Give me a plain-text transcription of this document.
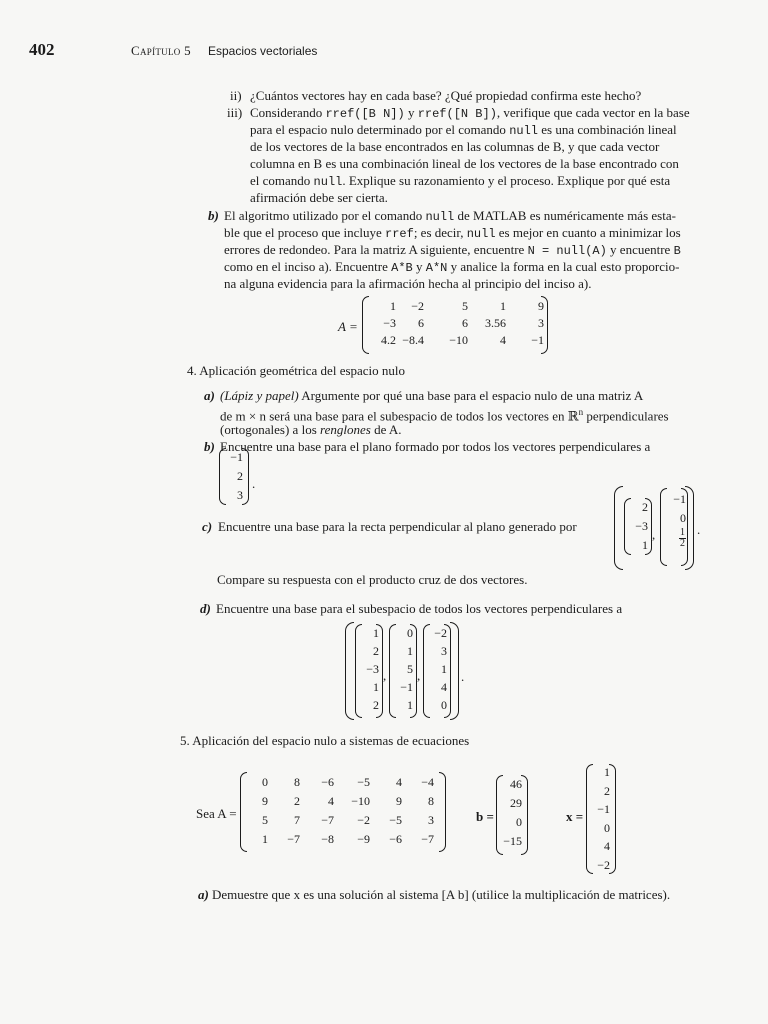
402	Capítulo 5 Espacios vectoriales
ii) ¿Cuántos vectores hay en cada base? ¿Qué propiedad confirma este hecho?
iii) Considerando rref([B N]) y rref([N B]), verifique que cada vector en la base
para el espacio nulo determinado por el comando null es una combinación lineal
de los vectores de la base encontrados en las columnas de B, y que cada vector
columna en B es una combinación lineal de los vectores de la base encontrado con
el comando null. Explique su razonamiento y el proceso. Explique por qué esta
afirmación debe ser cierta.
b) El algoritmo utilizado por el comando null de MATLAB es numéricamente más esta-
ble que el proceso que incluye rref; es decir, null es mejor en cuanto a minimizar los
errores de redondeo. Para la matriz A siguiente, encuentre N = null(A) y encuentre B
como en el inciso a). Encuentre A*B y A*N y analice la forma en la cual esto proporcio-
na alguna evidencia para la afirmación hecha al principio del inciso a).
A =
1	−2	5	1	9
−3	6	6	3.56	3
4.2 −8.4	−10	4	−1
4. Aplicación geométrica del espacio nulo
a) (Lápiz y papel) Argumente por qué una base para el espacio nulo de una matriz A
de m × n será una base para el subespacio de todos los vectores en ℝ$^n$ perpendiculares
(ortogonales) a los renglones de A.
b) Encuentre una base para el plano formado por todos los vectores perpendiculares a
−1
2
3
.
c) Encuentre una base para la recta perpendicular al plano generado por
2
−3
1
,
−1
0
$\frac{1}{2}$ .
Compare su respuesta con el producto cruz de dos vectores.
d) Encuentre una base para el subespacio de todos los vectores perpendiculares a
1
2
−3
1
2
,
0
1
5
−1
1
,
−2
3
1
4
0
.
5. Aplicación del espacio nulo a sistemas de ecuaciones
Sea A =
0	8	−6	−5	4	−4
9	2	4	−10	9	8
5	7	−7	−2	−5	3
1	−7	−8	−9	−6	−7
b =
46
29
0
−15
x =
1
2
−1
0
4
−2
a) Demuestre que x es una solución al sistema [A b] (utilice la multiplicación de matrices).
